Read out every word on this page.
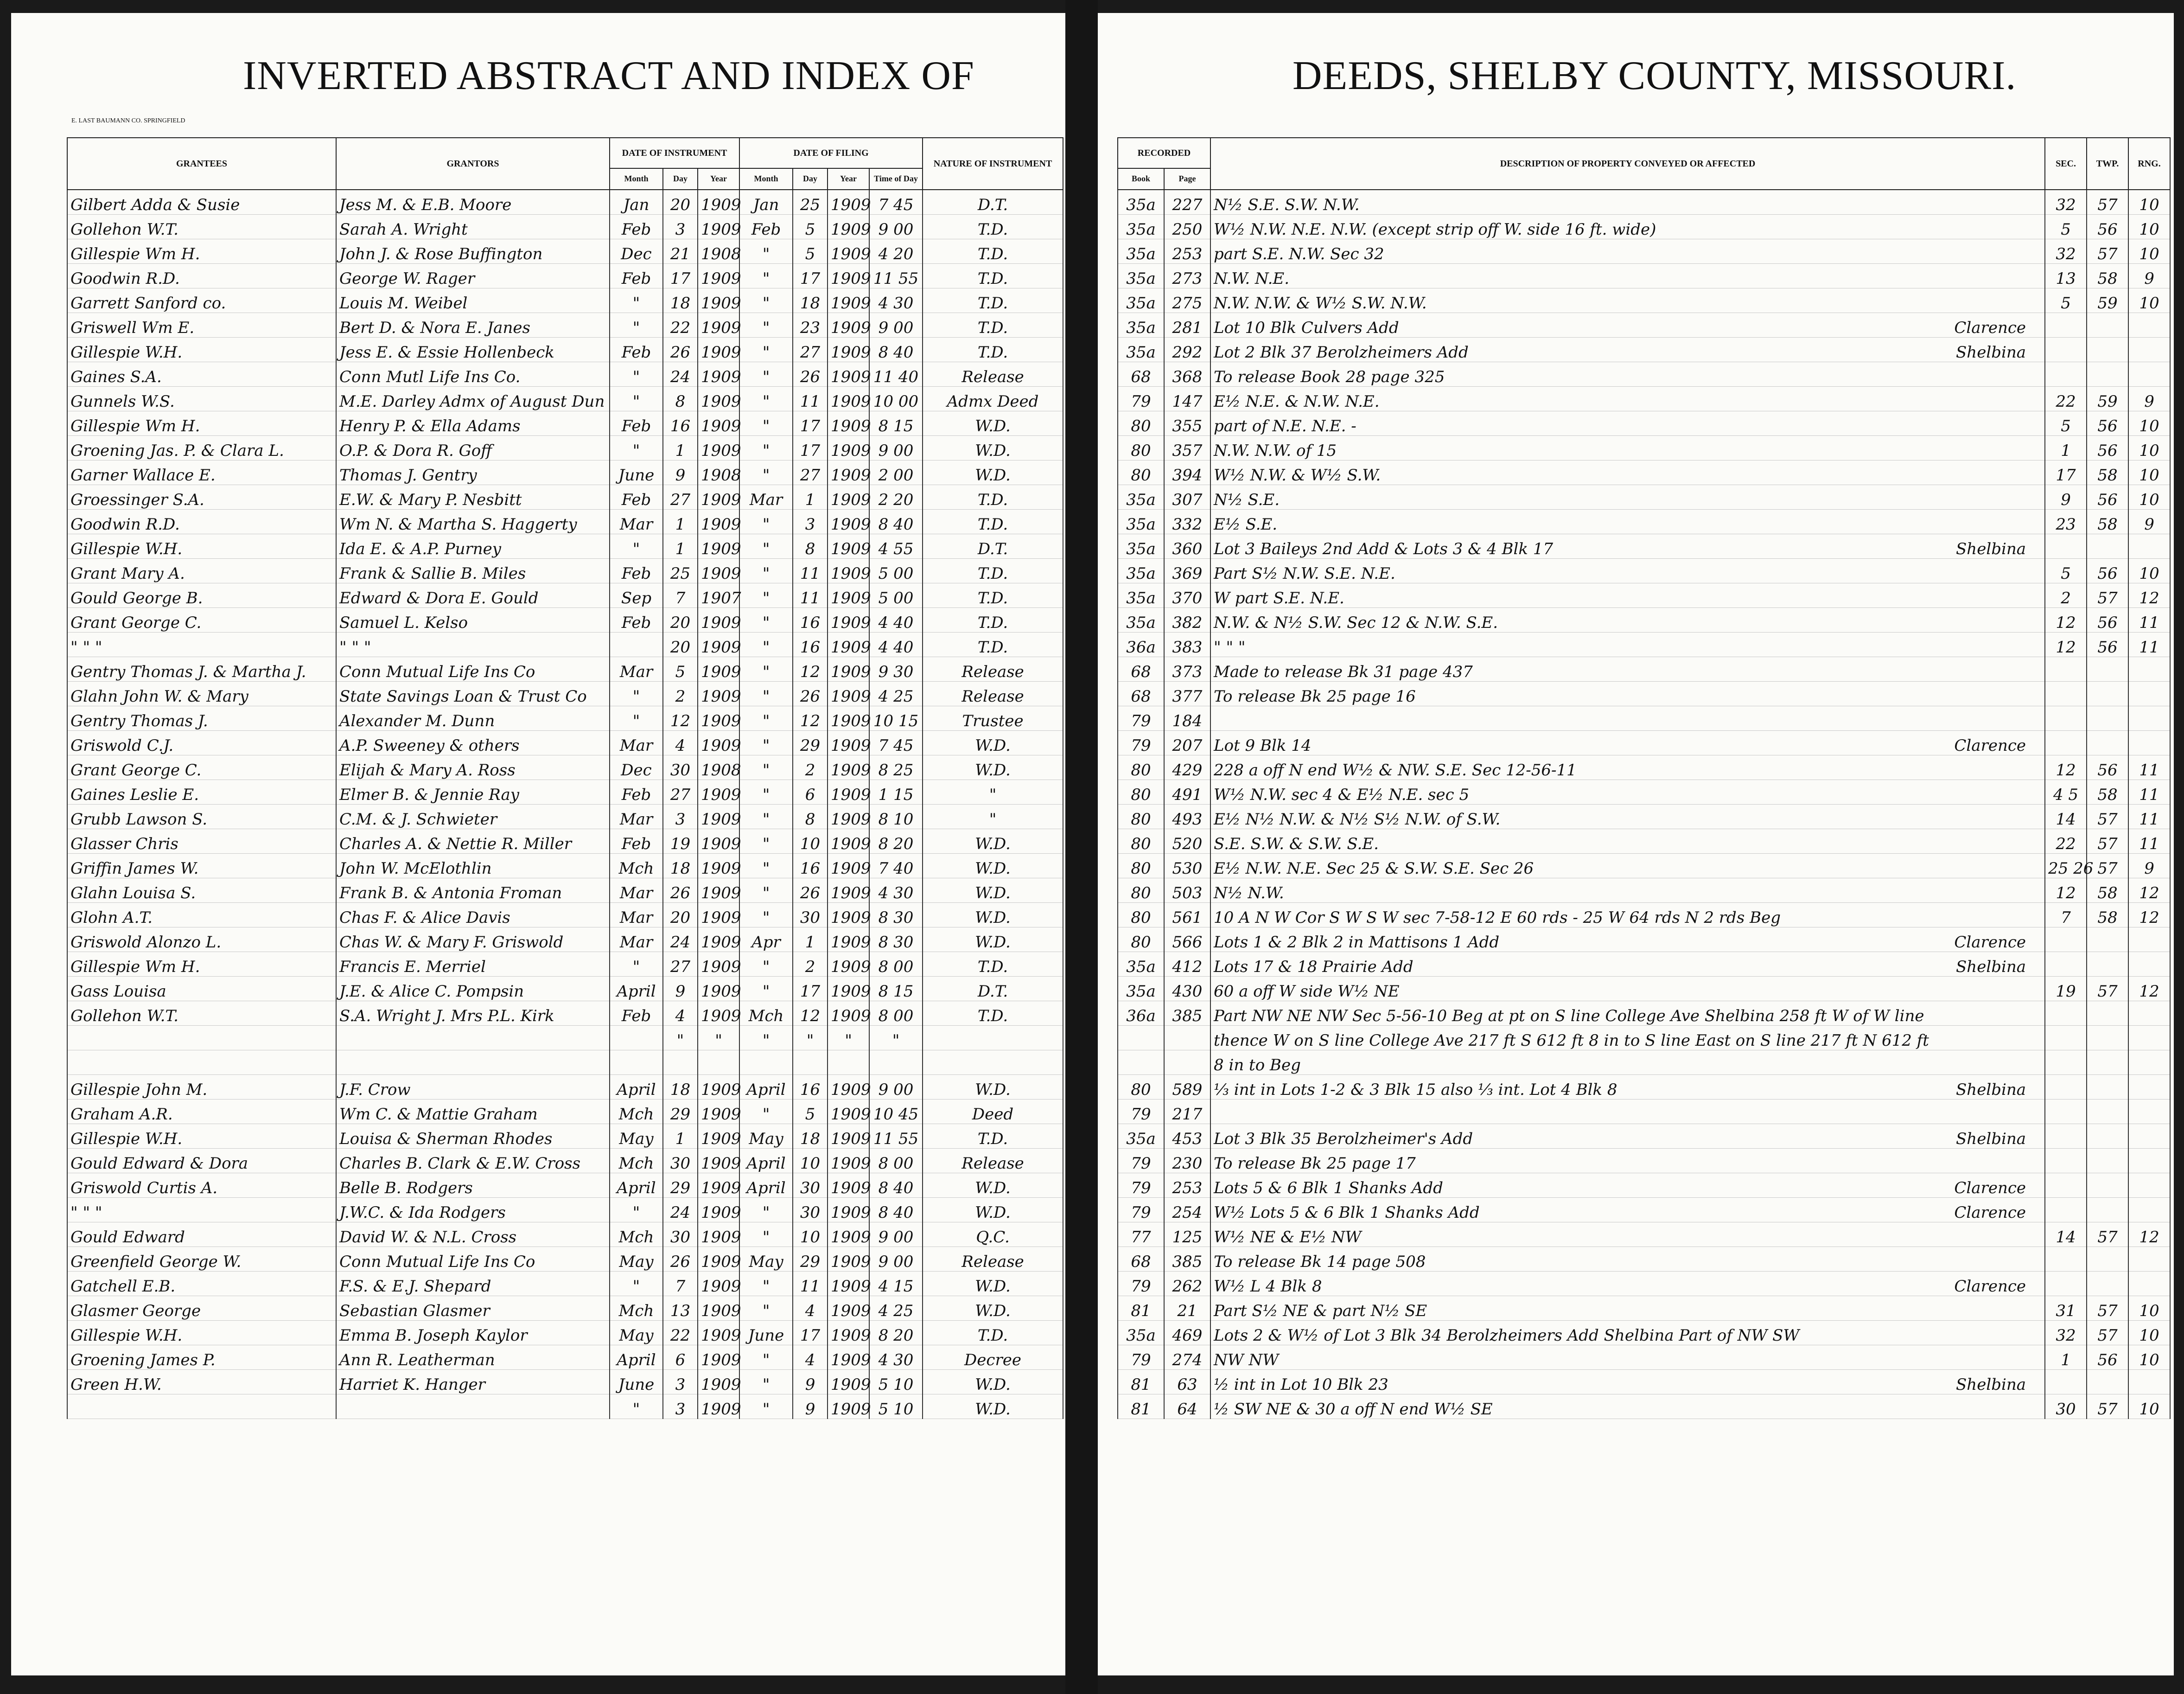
INVERTED ABSTRACT AND INDEX OF
E. LAST BAUMANN CO. SPRINGFIELD
GRANTEES	GRANTORS	DATE OF INSTRUMENT			DATE OF FILING				NATURE OF INSTRUMENT
		Month	Day	Year	Month	Day	Year	Time of Day	
Gilbert Adda & Susie	Jess M. & E.B. Moore	Jan	20	1909	Jan	25	1909	7 45	D.T.
Gollehon W.T.	Sarah A. Wright	Feb	3	1909	Feb	5	1909	9 00	T.D.
Gillespie Wm H.	John J. & Rose Buffington	Dec	21	1908	"	5	1909	4 20	T.D.
Goodwin R.D.	George W. Rager	Feb	17	1909	"	17	1909	11 55	T.D.
Garrett Sanford co.	Louis M. Weibel	"	18	1909	"	18	1909	4 30	T.D.
Griswell Wm E.	Bert D. & Nora E. Janes	"	22	1909	"	23	1909	9 00	T.D.
Gillespie W.H.	Jess E. & Essie Hollenbeck	Feb	26	1909	"	27	1909	8 40	T.D.
Gaines S.A.	Conn Mutl Life Ins Co.	"	24	1909	"	26	1909	11 40	Release
Gunnels W.S.	M.E. Darley Admx of August Dun	"	8	1909	"	11	1909	10 00	Admx Deed
Gillespie Wm H.	Henry P. & Ella Adams	Feb	16	1909	"	17	1909	8 15	W.D.
Groening Jas. P. & Clara L.	O.P. & Dora R. Goff	"	1	1909	"	17	1909	9 00	W.D.
Garner Wallace E.	Thomas J. Gentry	June	9	1908	"	27	1909	2 00	W.D.
Groessinger S.A.	E.W. & Mary P. Nesbitt	Feb	27	1909	Mar	1	1909	2 20	T.D.
Goodwin R.D.	Wm N. & Martha S. Haggerty	Mar	1	1909	"	3	1909	8 40	T.D.
Gillespie W.H.	Ida E. & A.P. Purney	"	1	1909	"	8	1909	4 55	D.T.
Grant Mary A.	Frank & Sallie B. Miles	Feb	25	1909	"	11	1909	5 00	T.D.
Gould George B.	Edward & Dora E. Gould	Sep	7	1907	"	11	1909	5 00	T.D.
Grant George C.	Samuel L. Kelso	Feb	20	1909	"	16	1909	4 40	T.D.
" " "	" " "		20	1909	"	16	1909	4 40	T.D.
Gentry Thomas J. & Martha J.	Conn Mutual Life Ins Co	Mar	5	1909	"	12	1909	9 30	Release
Glahn John W. & Mary	State Savings Loan & Trust Co	"	2	1909	"	26	1909	4 25	Release
Gentry Thomas J.	Alexander M. Dunn	"	12	1909	"	12	1909	10 15	Trustee
Griswold C.J.	A.P. Sweeney & others	Mar	4	1909	"	29	1909	7 45	W.D.
Grant George C.	Elijah & Mary A. Ross	Dec	30	1908	"	2	1909	8 25	W.D.
Gaines Leslie E.	Elmer B. & Jennie Ray	Feb	27	1909	"	6	1909	1 15	"
Grubb Lawson S.	C.M. & J. Schwieter	Mar	3	1909	"	8	1909	8 10	"
Glasser Chris	Charles A. & Nettie R. Miller	Feb	19	1909	"	10	1909	8 20	W.D.
Griffin James W.	John W. McElothlin	Mch	18	1909	"	16	1909	7 40	W.D.
Glahn Louisa S.	Frank B. & Antonia Froman	Mar	26	1909	"	26	1909	4 30	W.D.
Glohn A.T.	Chas F. & Alice Davis	Mar	20	1909	"	30	1909	8 30	W.D.
Griswold Alonzo L.	Chas W. & Mary F. Griswold	Mar	24	1909	Apr	1	1909	8 30	W.D.
Gillespie Wm H.	Francis E. Merriel	"	27	1909	"	2	1909	8 00	T.D.
Gass Louisa	J.E. & Alice C. Pompsin	April	9	1909	"	17	1909	8 15	D.T.
Gollehon W.T.	S.A. Wright J. Mrs P.L. Kirk	Feb	4	1909	Mch	12	1909	8 00	T.D.
			"	"	"	"	"	"	

Gillespie John M.	J.F. Crow	April	18	1909	April	16	1909	9 00	W.D.
Graham A.R.	Wm C. & Mattie Graham	Mch	29	1909	"	5	1909	10 45	Deed
Gillespie W.H.	Louisa & Sherman Rhodes	May	1	1909	May	18	1909	11 55	T.D.
Gould Edward & Dora	Charles B. Clark & E.W. Cross	Mch	30	1909	April	10	1909	8 00	Release
Griswold Curtis A.	Belle B. Rodgers	April	29	1909	April	30	1909	8 40	W.D.
" " "	J.W.C. & Ida Rodgers	"	24	1909	"	30	1909	8 40	W.D.
Gould Edward	David W. & N.L. Cross	Mch	30	1909	"	10	1909	9 00	Q.C.
Greenfield George W.	Conn Mutual Life Ins Co	May	26	1909	May	29	1909	9 00	Release
Gatchell E.B.	F.S. & E.J. Shepard	"	7	1909	"	11	1909	4 15	W.D.
Glasmer George	Sebastian Glasmer	Mch	13	1909	"	4	1909	4 25	W.D.
Gillespie W.H.	Emma B. Joseph Kaylor	May	22	1909	June	17	1909	8 20	T.D.
Groening James P.	Ann R. Leatherman	April	6	1909	"	4	1909	4 30	Decree
Green H.W.	Harriet K. Hanger	June	3	1909	"	9	1909	5 10	W.D.
		"	3	1909	"	9	1909	5 10	W.D.
DEEDS, SHELBY COUNTY, MISSOURI.
RECORDED		DESCRIPTION OF PROPERTY CONVEYED OR AFFECTED	SEC.	TWP.	RNG.
Book	Page				
35a	227	N½ S.E. S.W. N.W.	32	57	10
35a	250	W½ N.W. N.E. N.W. (except strip off W. side 16 ft. wide)	5	56	10
35a	253	part S.E. N.W. Sec 32	32	57	10
35a	273	N.W. N.E.	13	58	9
35a	275	N.W. N.W. & W½ S.W. N.W.	5	59	10
35a	281	Lot 10 Blk Culvers Add Clarence			

35a	292	Lot 2 Blk 37 Berolzheimers Add Shelbina			

68	368	To release Book 28 page 325

79	147	E½ N.E. & N.W. N.E.	22	59	9
80	355	part of N.E. N.E. -	5	56	10
80	357	N.W. N.W. of 15	1	56	10
80	394	W½ N.W. & W½ S.W.	17	58	10
35a	307	N½ S.E.	9	56	10
35a	332	E½ S.E.	23	58	9
35a	360	Lot 3 Baileys 2nd Add & Lots 3 & 4 Blk 17 Shelbina			

35a	369	Part S½ N.W. S.E. N.E.	5	56	10
35a	370	W part S.E. N.E.	2	57	12
35a	382	N.W. & N½ S.W. Sec 12 & N.W. S.E.	12	56	11
36a	383	" " "	12	56	11
68	373	Made to release Bk 31 page 437

68	377	To release Bk 25 page 16

79	184	

79	207	Lot 9 Blk 14 Clarence			

80	429	228 a off N end W½ & NW. S.E. Sec 12-56-11	12	56	11
80	491	W½ N.W. sec 4 & E½ N.E. sec 5	4 5	58	11
80	493	E½ N½ N.W. & N½ S½ N.W. of S.W.	14	57	11
80	520	S.E. S.W. & S.W. S.E.	22	57	11
80	530	E½ N.W. N.E. Sec 25 & S.W. S.E. Sec 26	25 26	57	9
80	503	N½ N.W.	12	58	12
80	561	10 A N W Cor S W S W sec 7-58-12 E 60 rds - 25 W 64 rds N 2 rds Beg	7	58	12
80	566	Lots 1 & 2 Blk 2 in Mattisons 1 Add Clarence			

35a	412	Lots 17 & 18 Prairie Add Shelbina			

35a	430	60 a off W side W½ NE	19	57	12
36a	385	Part NW NE NW Sec 5-56-10 Beg at pt on S line College Ave Shelbina 258 ft W of W line

		thence W on S line College Ave 217 ft S 612 ft 8 in to S line East on S line 217 ft N 612 ft

		8 in to Beg

80	589	⅓ int in Lots 1-2 & 3 Blk 15 also ⅓ int. Lot 4 Blk 8 Shelbina			

79	217	

35a	453	Lot 3 Blk 35 Berolzheimer's Add Shelbina			

79	230	To release Bk 25 page 17

79	253	Lots 5 & 6 Blk 1 Shanks Add Clarence			

79	254	W½ Lots 5 & 6 Blk 1 Shanks Add Clarence			

77	125	W½ NE & E½ NW	14	57	12
68	385	To release Bk 14 page 508

79	262	W½ L 4 Blk 8 Clarence			

81	21	Part S½ NE & part N½ SE	31	57	10
35a	469	Lots 2 & W½ of Lot 3 Blk 34 Berolzheimers Add Shelbina Part of NW SW	32	57	10
79	274	NW NW	1	56	10
81	63	½ int in Lot 10 Blk 23 Shelbina			

81	64	½ SW NE & 30 a off N end W½ SE	30	57	10
